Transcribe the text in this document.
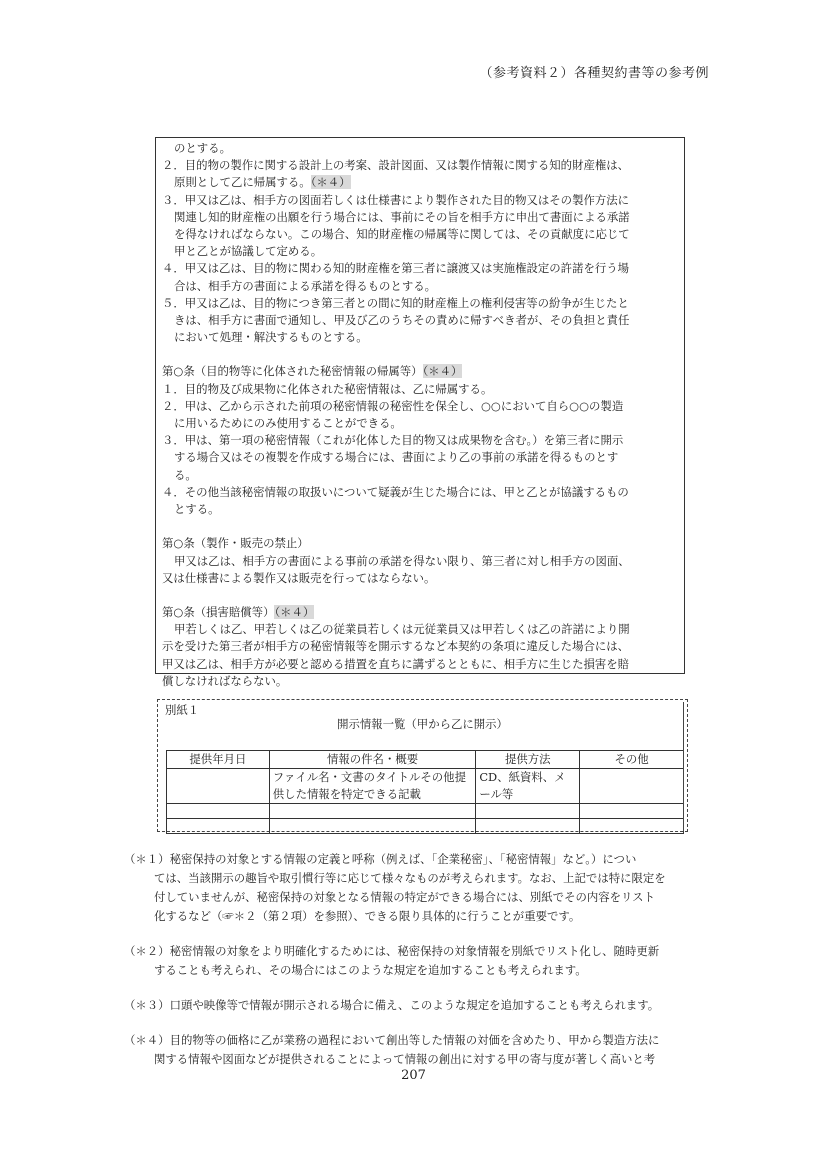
（参考資料２）各種契約書等の参考例
のとする。
２．目的物の製作に関する設計上の考案、設計図面、又は製作情報に関する知的財産権は、
原則として乙に帰属する。（＊４）
３．甲又は乙は、相手方の図面若しくは仕様書により製作された目的物又はその製作方法に
関連し知的財産権の出願を行う場合には、事前にその旨を相手方に申出て書面による承諾
を得なければならない。この場合、知的財産権の帰属等に関しては、その貢献度に応じて
甲と乙とが協議して定める。
４．甲又は乙は、目的物に関わる知的財産権を第三者に譲渡又は実施権設定の許諾を行う場
合は、相手方の書面による承諾を得るものとする。
５．甲又は乙は、目的物につき第三者との間に知的財産権上の権利侵害等の紛争が生じたと
きは、相手方に書面で通知し、甲及び乙のうちその責めに帰すべき者が、その負担と責任
において処理・解決するものとする。
第○条（目的物等に化体された秘密情報の帰属等）（＊４）
１．目的物及び成果物に化体された秘密情報は、乙に帰属する。
２．甲は、乙から示された前項の秘密情報の秘密性を保全し、○○において自ら○○の製造
に用いるためにのみ使用することができる。
３．甲は、第一項の秘密情報（これが化体した目的物又は成果物を含む。）を第三者に開示
する場合又はその複製を作成する場合には、書面により乙の事前の承諾を得るものとす
る。
４．その他当該秘密情報の取扱いについて疑義が生じた場合には、甲と乙とが協議するもの
とする。
第○条（製作・販売の禁止）
甲又は乙は、相手方の書面による事前の承諾を得ない限り、第三者に対し相手方の図面、
又は仕様書による製作又は販売を行ってはならない。
第○条（損害賠償等）（＊４）
甲若しくは乙、甲若しくは乙の従業員若しくは元従業員又は甲若しくは乙の許諾により開
示を受けた第三者が相手方の秘密情報等を開示するなど本契約の条項に違反した場合には、
甲又は乙は、相手方が必要と認める措置を直ちに講ずるとともに、相手方に生じた損害を賠
償しなければならない。
別紙１
開示情報一覧（甲から乙に開示）
提供年月日	情報の件名・概要	提供方法	その他
	ファイル名・文書のタイトルその他提供した情報を特定できる記載	CD、紙資料、メール等	

（＊１）秘密保持の対象とする情報の定義と呼称（例えば、「企業秘密」、「秘密情報」など。）につい
ては、当該開示の趣旨や取引慣行等に応じて様々なものが考えられます。なお、上記では特に限定を
付していませんが、秘密保持の対象となる情報の特定ができる場合には、別紙でその内容をリスト
化するなど（☞＊２（第２項）を参照）、できる限り具体的に行うことが重要です。
（＊２）秘密情報の対象をより明確化するためには、秘密保持の対象情報を別紙でリスト化し、随時更新
することも考えられ、その場合にはこのような規定を追加することも考えられます。
（＊３）口頭や映像等で情報が開示される場合に備え、このような規定を追加することも考えられます。
（＊４）目的物等の価格に乙が業務の過程において創出等した情報の対価を含めたり、甲から製造方法に
関する情報や図面などが提供されることによって情報の創出に対する甲の寄与度が著しく高いと考
207
